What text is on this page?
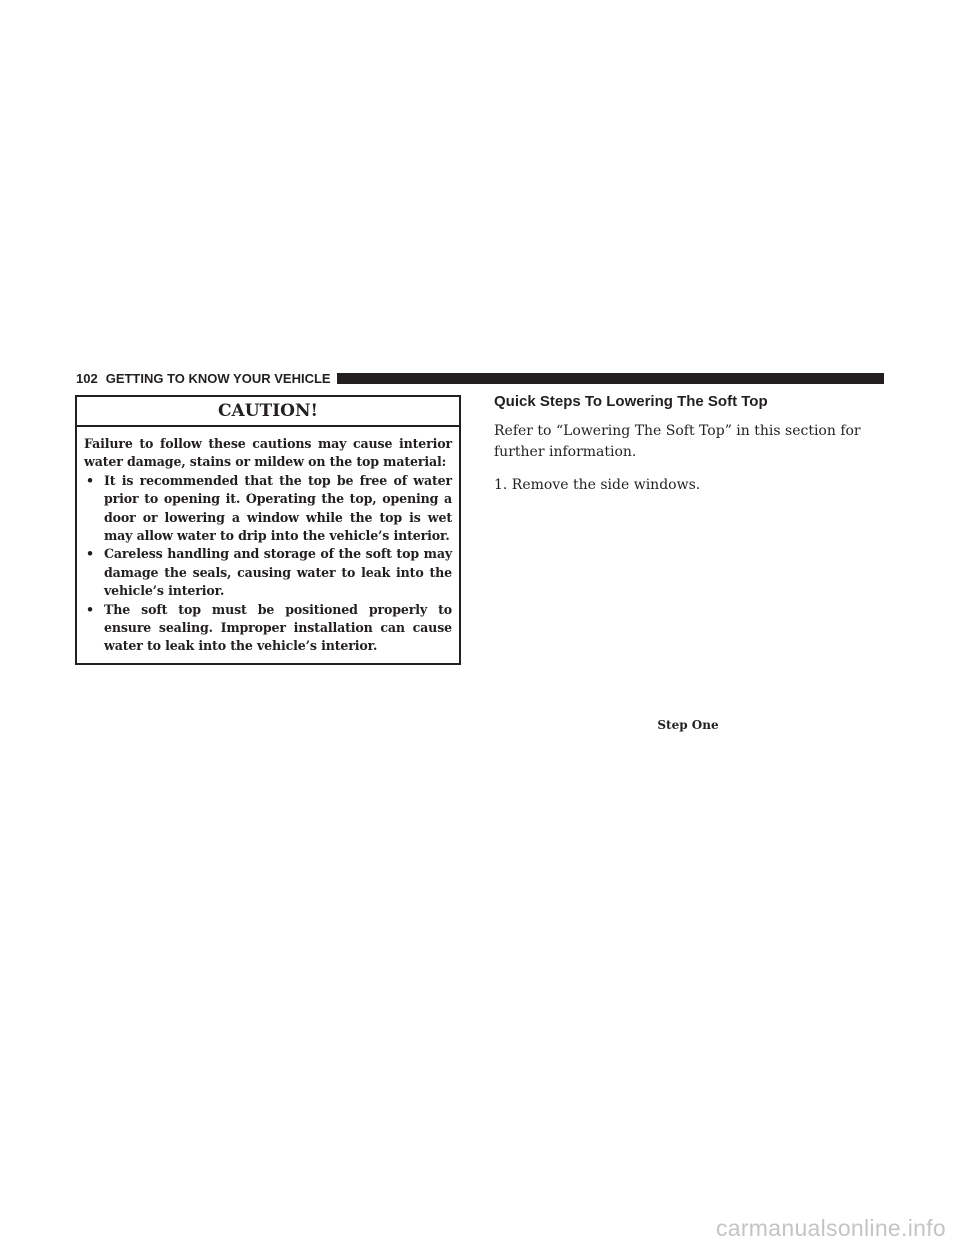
102 GETTING TO KNOW YOUR VEHICLE
CAUTION!

Failure to follow these cautions may cause interior water damage, stains or mildew on the top material:

• It is recommended that the top be free of water prior to opening it. Operating the top, opening a door or lowering a window while the top is wet may allow water to drip into the vehicle’s interior.
• Careless handling and storage of the soft top may damage the seals, causing water to leak into the vehicle’s interior.
• The soft top must be positioned properly to ensure sealing. Improper installation can cause water to leak into the vehicle’s interior.
Quick Steps To Lowering The Soft Top

Refer to “Lowering The Soft Top” in this section for further information.

1. Remove the side windows.

Step One
carmanualsonline.info
